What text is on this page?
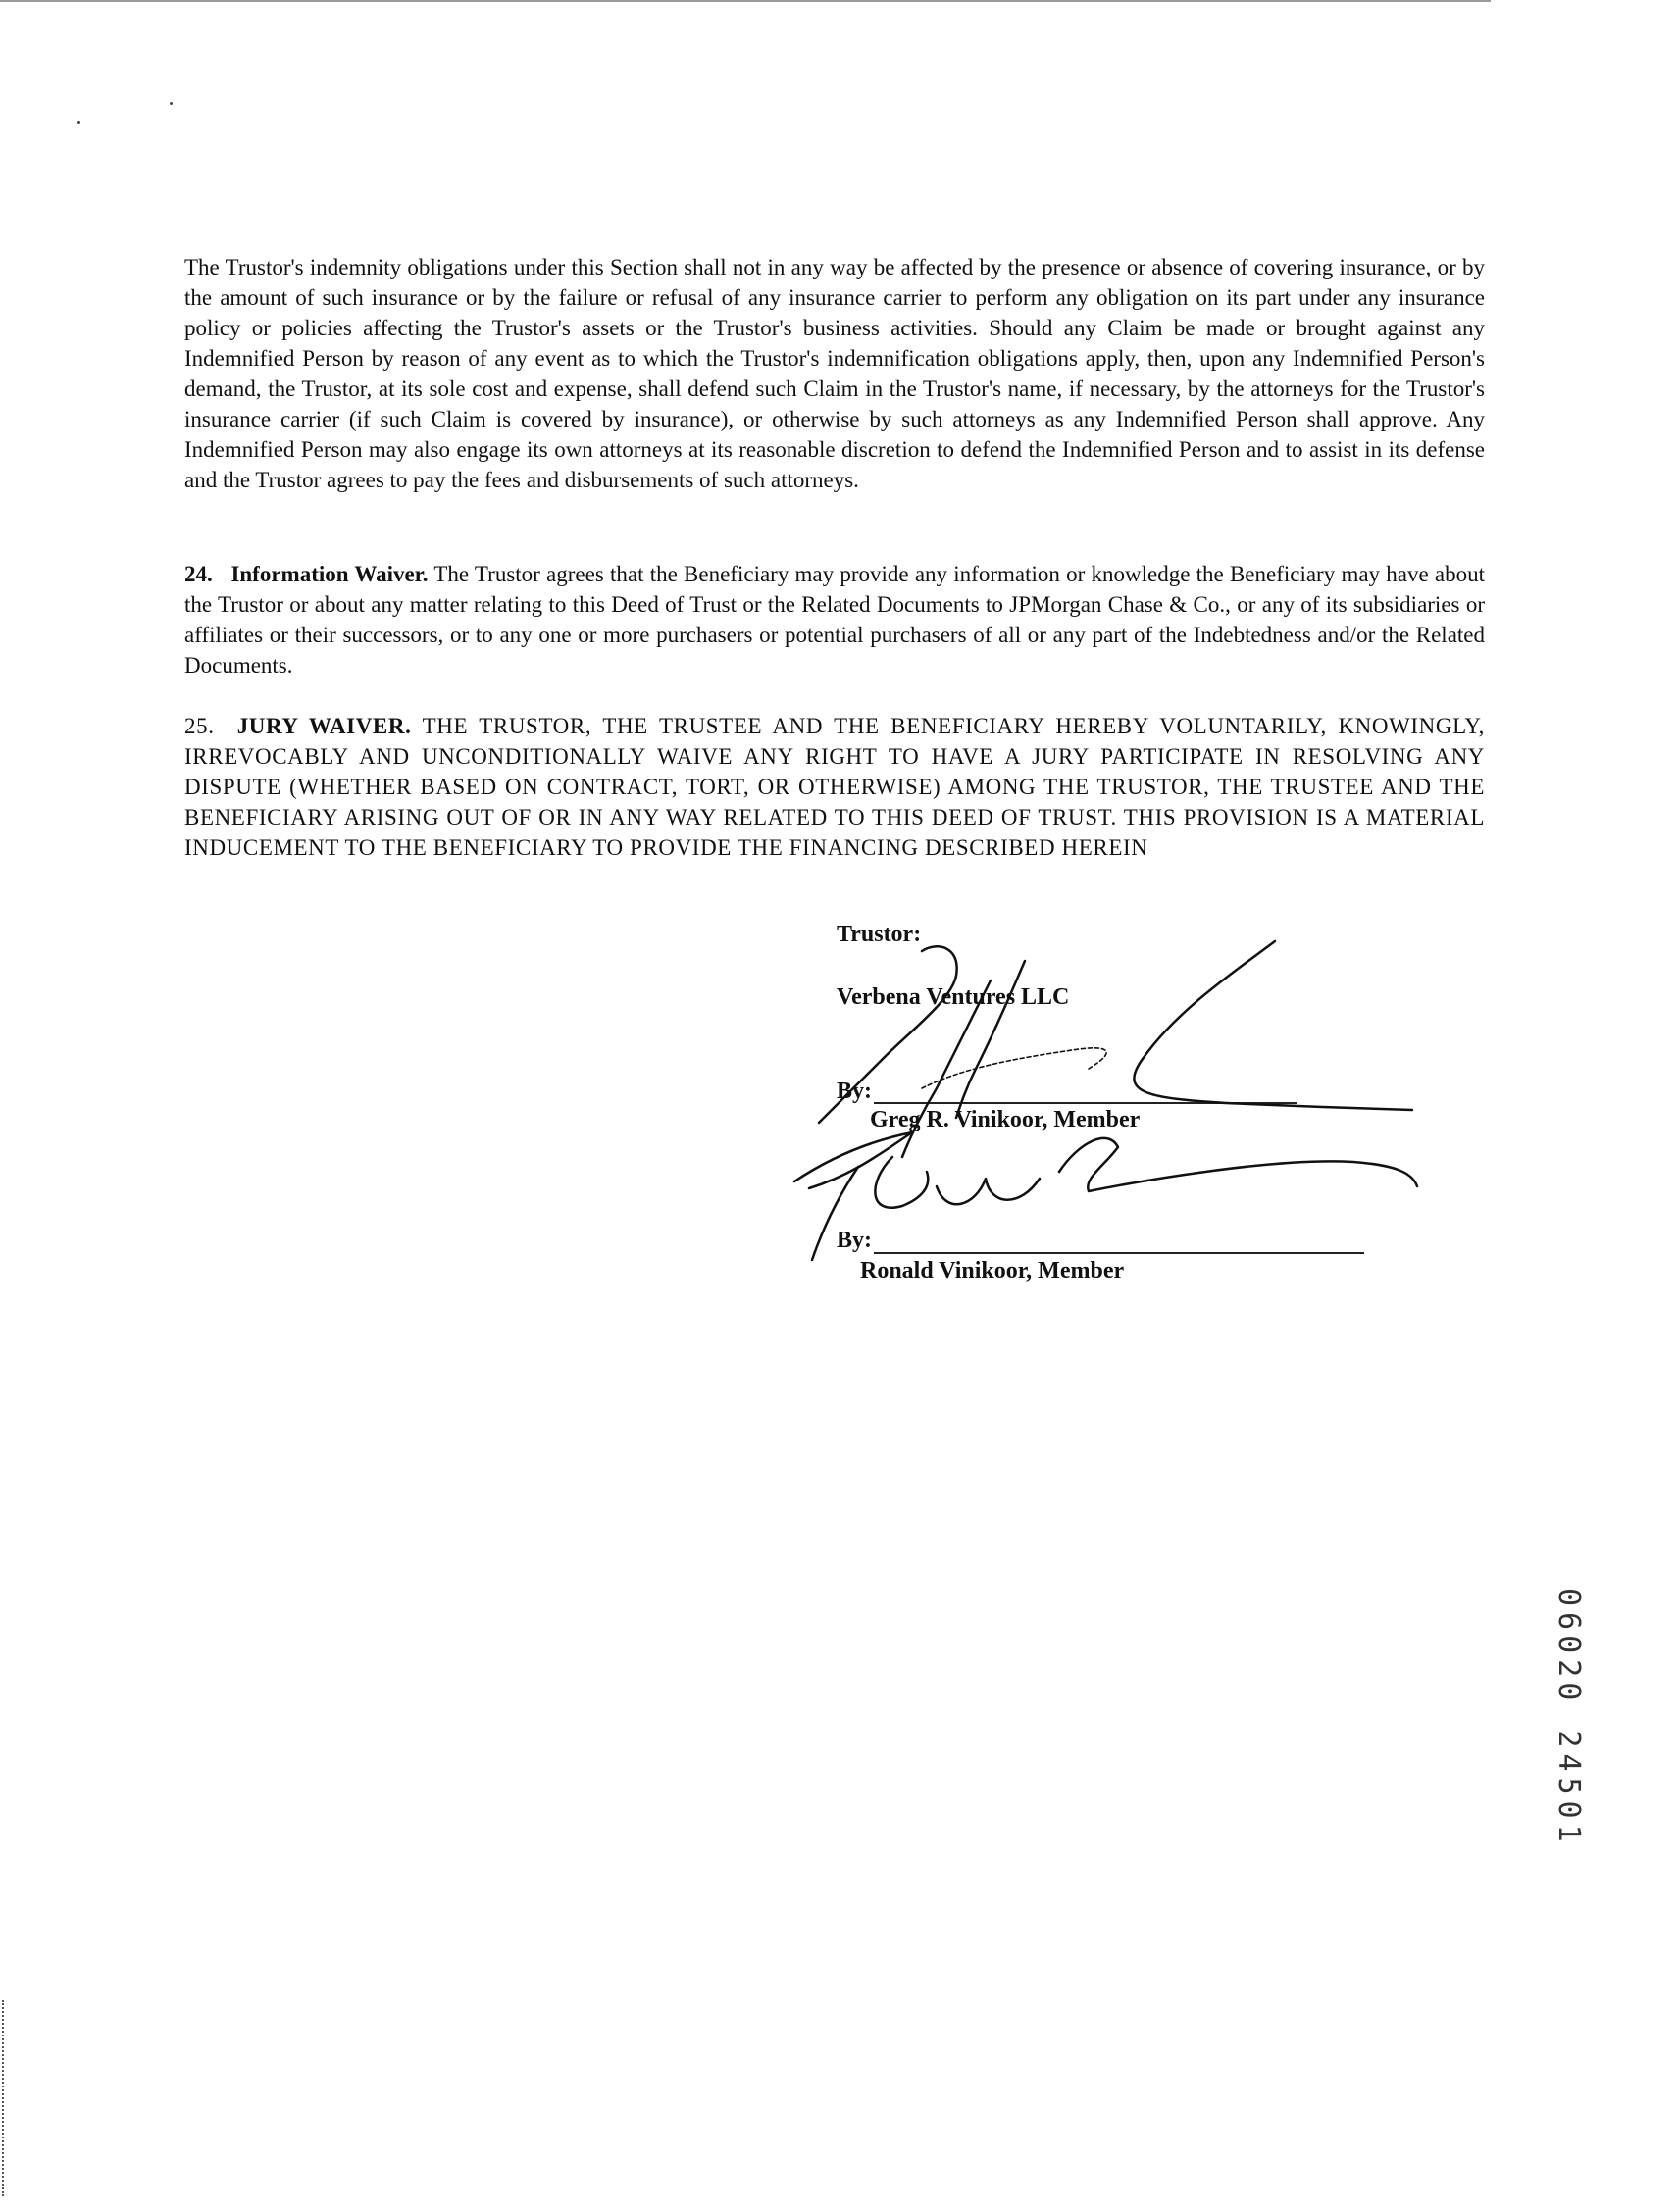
The Trustor's indemnity obligations under this Section shall not in any way be affected by the presence or absence of covering insurance, or by the amount of such insurance or by the failure or refusal of any insurance carrier to perform any obligation on its part under any insurance policy or policies affecting the Trustor's assets or the Trustor's business activities. Should any Claim be made or brought against any Indemnified Person by reason of any event as to which the Trustor's indemnification obligations apply, then, upon any Indemnified Person's demand, the Trustor, at its sole cost and expense, shall defend such Claim in the Trustor's name, if necessary, by the attorneys for the Trustor's insurance carrier (if such Claim is covered by insurance), or otherwise by such attorneys as any Indemnified Person shall approve. Any Indemnified Person may also engage its own attorneys at its reasonable discretion to defend the Indemnified Person and to assist in its defense and the Trustor agrees to pay the fees and disbursements of such attorneys.
24. Information Waiver. The Trustor agrees that the Beneficiary may provide any information or knowledge the Beneficiary may have about the Trustor or about any matter relating to this Deed of Trust or the Related Documents to JPMorgan Chase & Co., or any of its subsidiaries or affiliates or their successors, or to any one or more purchasers or potential purchasers of all or any part of the Indebtedness and/or the Related Documents.
25. JURY WAIVER. THE TRUSTOR, THE TRUSTEE AND THE BENEFICIARY HEREBY VOLUNTARILY, KNOWINGLY, IRREVOCABLY AND UNCONDITIONALLY WAIVE ANY RIGHT TO HAVE A JURY PARTICIPATE IN RESOLVING ANY DISPUTE (WHETHER BASED ON CONTRACT, TORT, OR OTHERWISE) AMONG THE TRUSTOR, THE TRUSTEE AND THE BENEFICIARY ARISING OUT OF OR IN ANY WAY RELATED TO THIS DEED OF TRUST. THIS PROVISION IS A MATERIAL INDUCEMENT TO THE BENEFICIARY TO PROVIDE THE FINANCING DESCRIBED HEREIN
Trustor:
Verbena Ventures LLC
By:
Greg R. Vinikoor, Member
By:
Ronald Vinikoor, Member
06020 24501
